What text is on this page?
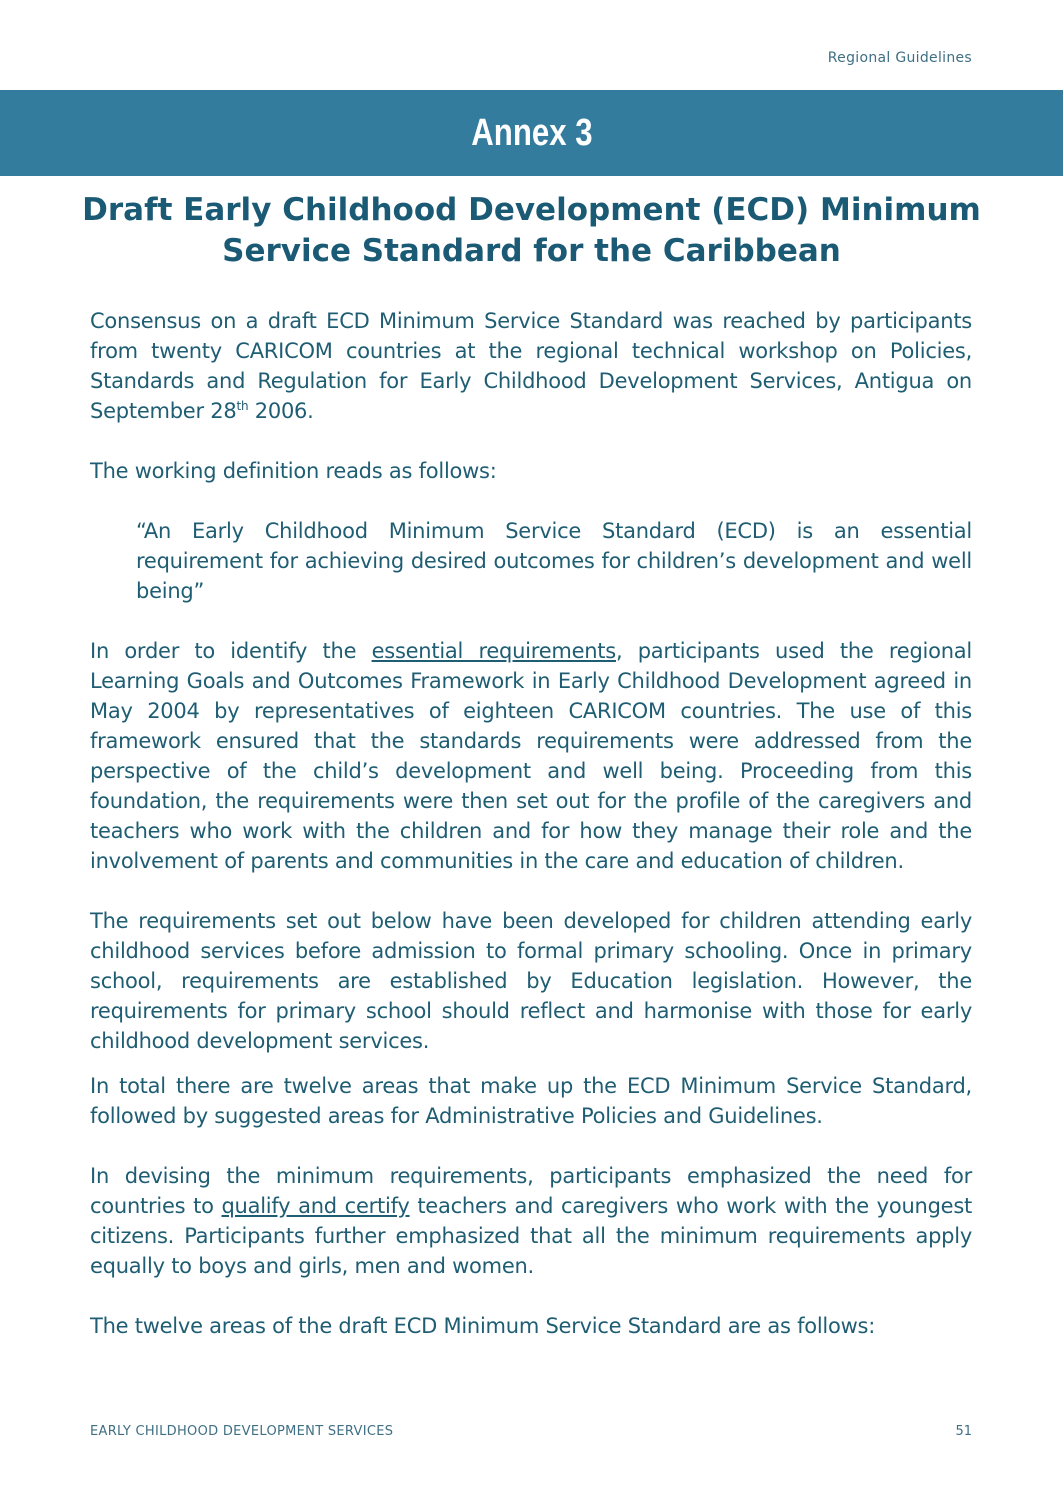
Regional Guidelines
Annex 3
Draft Early Childhood Development (ECD) Minimum Service Standard for the Caribbean

Consensus on a draft ECD Minimum Service Standard was reached by participants from twenty CARICOM countries at the regional technical workshop on Policies, Standards and Regulation for Early Childhood Development Services, Antigua on September 28th 2006.

The working definition reads as follows:

“An Early Childhood Minimum Service Standard (ECD) is an essential requirement for achieving desired outcomes for children’s development and well being”

In order to identify the essential requirements, participants used the regional Learning Goals and Outcomes Framework in Early Childhood Development agreed in May 2004 by representatives of eighteen CARICOM countries. The use of this framework ensured that the standards requirements were addressed from the perspective of the child’s development and well being. Proceeding from this foundation, the requirements were then set out for the profile of the caregivers and teachers who work with the children and for how they manage their role and the involvement of parents and communities in the care and education of children.

The requirements set out below have been developed for children attending early childhood services before admission to formal primary schooling. Once in primary school, requirements are established by Education legislation. However, the requirements for primary school should reflect and harmonise with those for early childhood development services.

In total there are twelve areas that make up the ECD Minimum Service Standard, followed by suggested areas for Administrative Policies and Guidelines.

In devising the minimum requirements, participants emphasized the need for countries to qualify and certify teachers and caregivers who work with the youngest citizens. Participants further emphasized that all the minimum requirements apply equally to boys and girls, men and women.

The twelve areas of the draft ECD Minimum Service Standard are as follows:

EARLY CHILDHOOD DEVELOPMENT SERVICES	51
